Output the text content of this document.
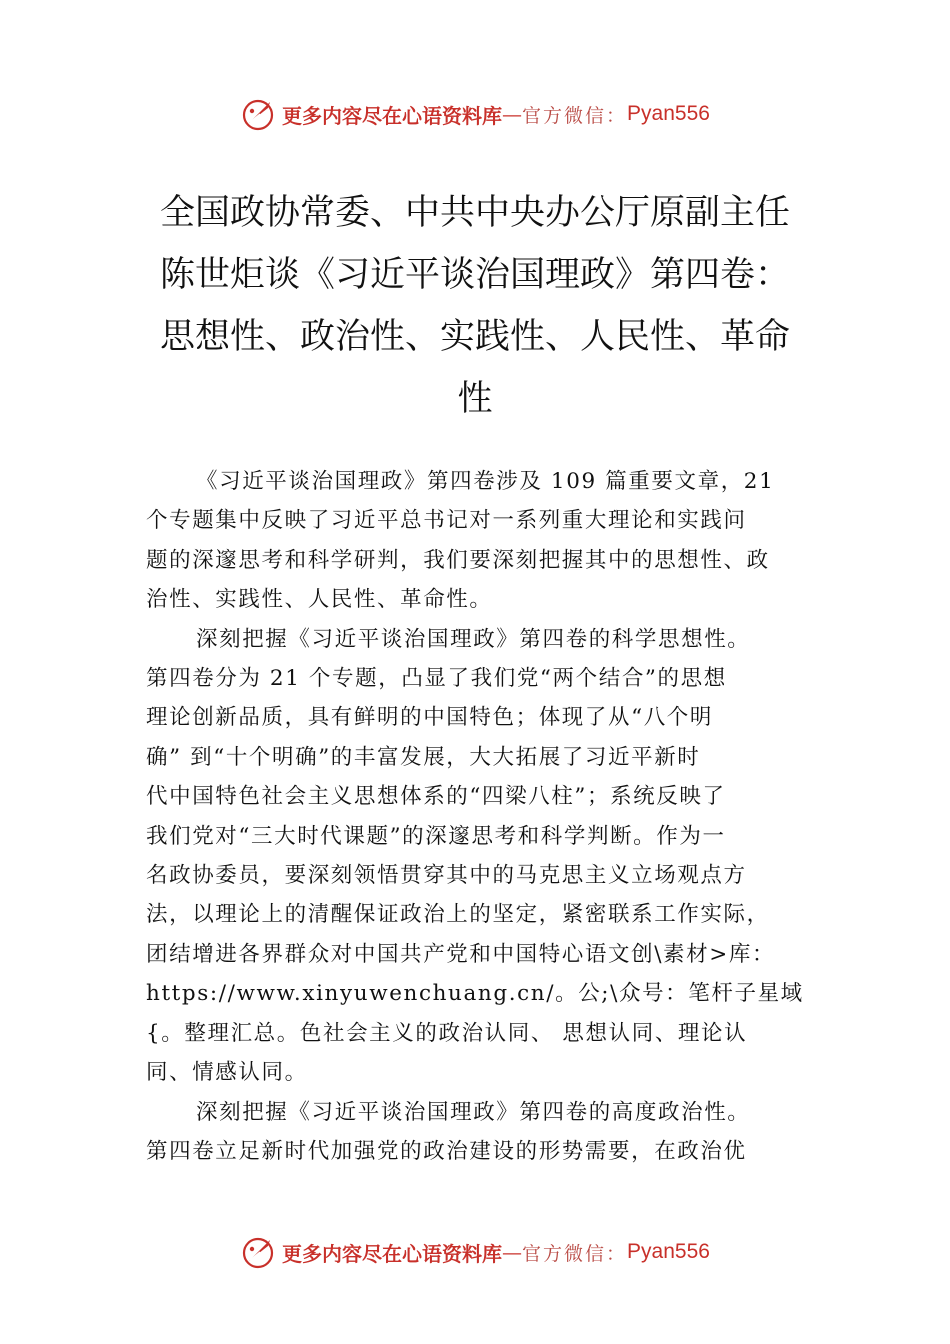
更多内容尽在心语资料库 — 官方微信： Pyan556
全国政协常委、中共中央办公厅原副主任
陈世炬谈《习近平谈治国理政》第四卷：
思想性、政治性、实践性、人民性、革命
性
《习近平谈治国理政》第四卷涉及 109 篇重要文章，21
个专题集中反映了习近平总书记对一系列重大理论和实践问
题的深邃思考和科学研判，我们要深刻把握其中的思想性、政
治性、实践性、人民性、革命性。
深刻把握《习近平谈治国理政》第四卷的科学思想性。
第四卷分为 21 个专题，凸显了我们党“两个结合”的思想
理论创新品质，具有鲜明的中国特色；体现了从“八个明
确” 到“十个明确”的丰富发展，大大拓展了习近平新时
代中国特色社会主义思想体系的“四梁八柱”；系统反映了
我们党对“三大时代课题”的深邃思考和科学判断。作为一
名政协委员，要深刻领悟贯穿其中的马克思主义立场观点方
法，以理论上的清醒保证政治上的坚定，紧密联系工作实际，
团结增进各界群众对中国共产党和中国特心语文创\素材>库：
https://www.xinyuwenchuang.cn/。公;\众号：笔杆子星域
{。整理汇总。色社会主义的政治认同、 思想认同、理论认
同、情感认同。
深刻把握《习近平谈治国理政》第四卷的高度政治性。
第四卷立足新时代加强党的政治建设的形势需要，在政治优
更多内容尽在心语资料库 — 官方微信： Pyan556
